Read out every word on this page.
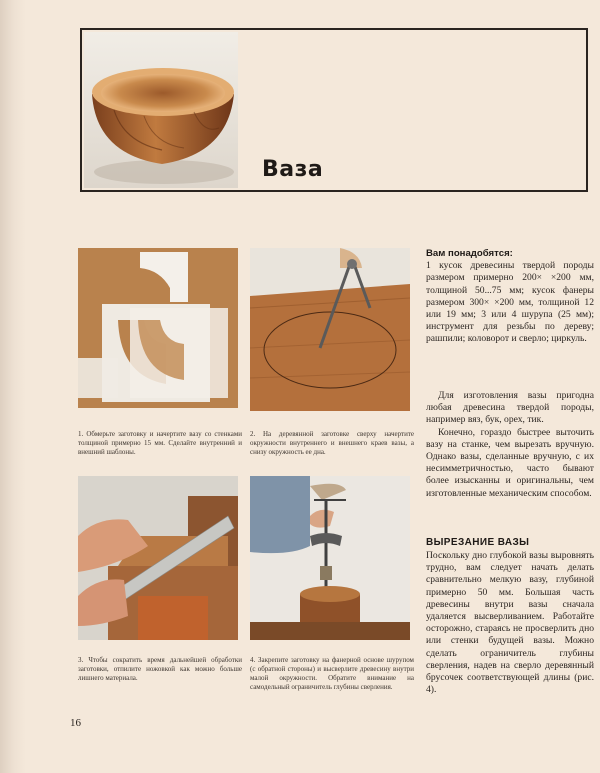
Ваза
1. Обмерьте заготовку и начертите вазу со стенками толщиной примерно 15 мм. Сделайте внутренний и внешний шаблоны.
2. На деревянной заготовке сверху начертите окружности внутреннего и внешнего краев вазы, а снизу окружность ее дна.
3. Чтобы сократить время дальнейшей обработки заготовки, отпилите ножовкой как можно больше лишнего материала.
4. Закрепите заготовку на фанерной основе шурупом (с обратной стороны) и высверлите древесину внутри малой окружности. Обратите внимание на самодельный ограничитель глубины сверления.

Вам понадобятся:

1 кусок древесины твердой породы размером примерно 200× ×200 мм, толщиной 50...75 мм; кусок фанеры размером 300× ×200 мм, толщиной 12 или 19 мм; 3 или 4 шурупа (25 мм); инструмент для резьбы по дереву; рашпили; коловорот и сверло; циркуль.

Для изготовления вазы пригодна любая древесина твердой породы, например вяз, бук, орех, тик.

Конечно, гораздо быстрее выточить вазу на станке, чем вырезать вручную. Однако вазы, сделанные вручную, с их несимметричностью, часто бывают более изысканны и оригинальны, чем изготовленные механическим способом.

ВЫРЕЗАНИЕ ВАЗЫ

Поскольку дно глубокой вазы выровнять трудно, вам следует начать делать сравнительно мелкую вазу, глубиной примерно 50 мм. Большая часть древесины внутри вазы сначала удаляется высверливанием. Работайте осторожно, стараясь не просверлить дно или стенки будущей вазы. Можно сделать ограничитель глубины сверления, надев на сверло деревянный брусочек соответствующей длины (рис. 4).

16
